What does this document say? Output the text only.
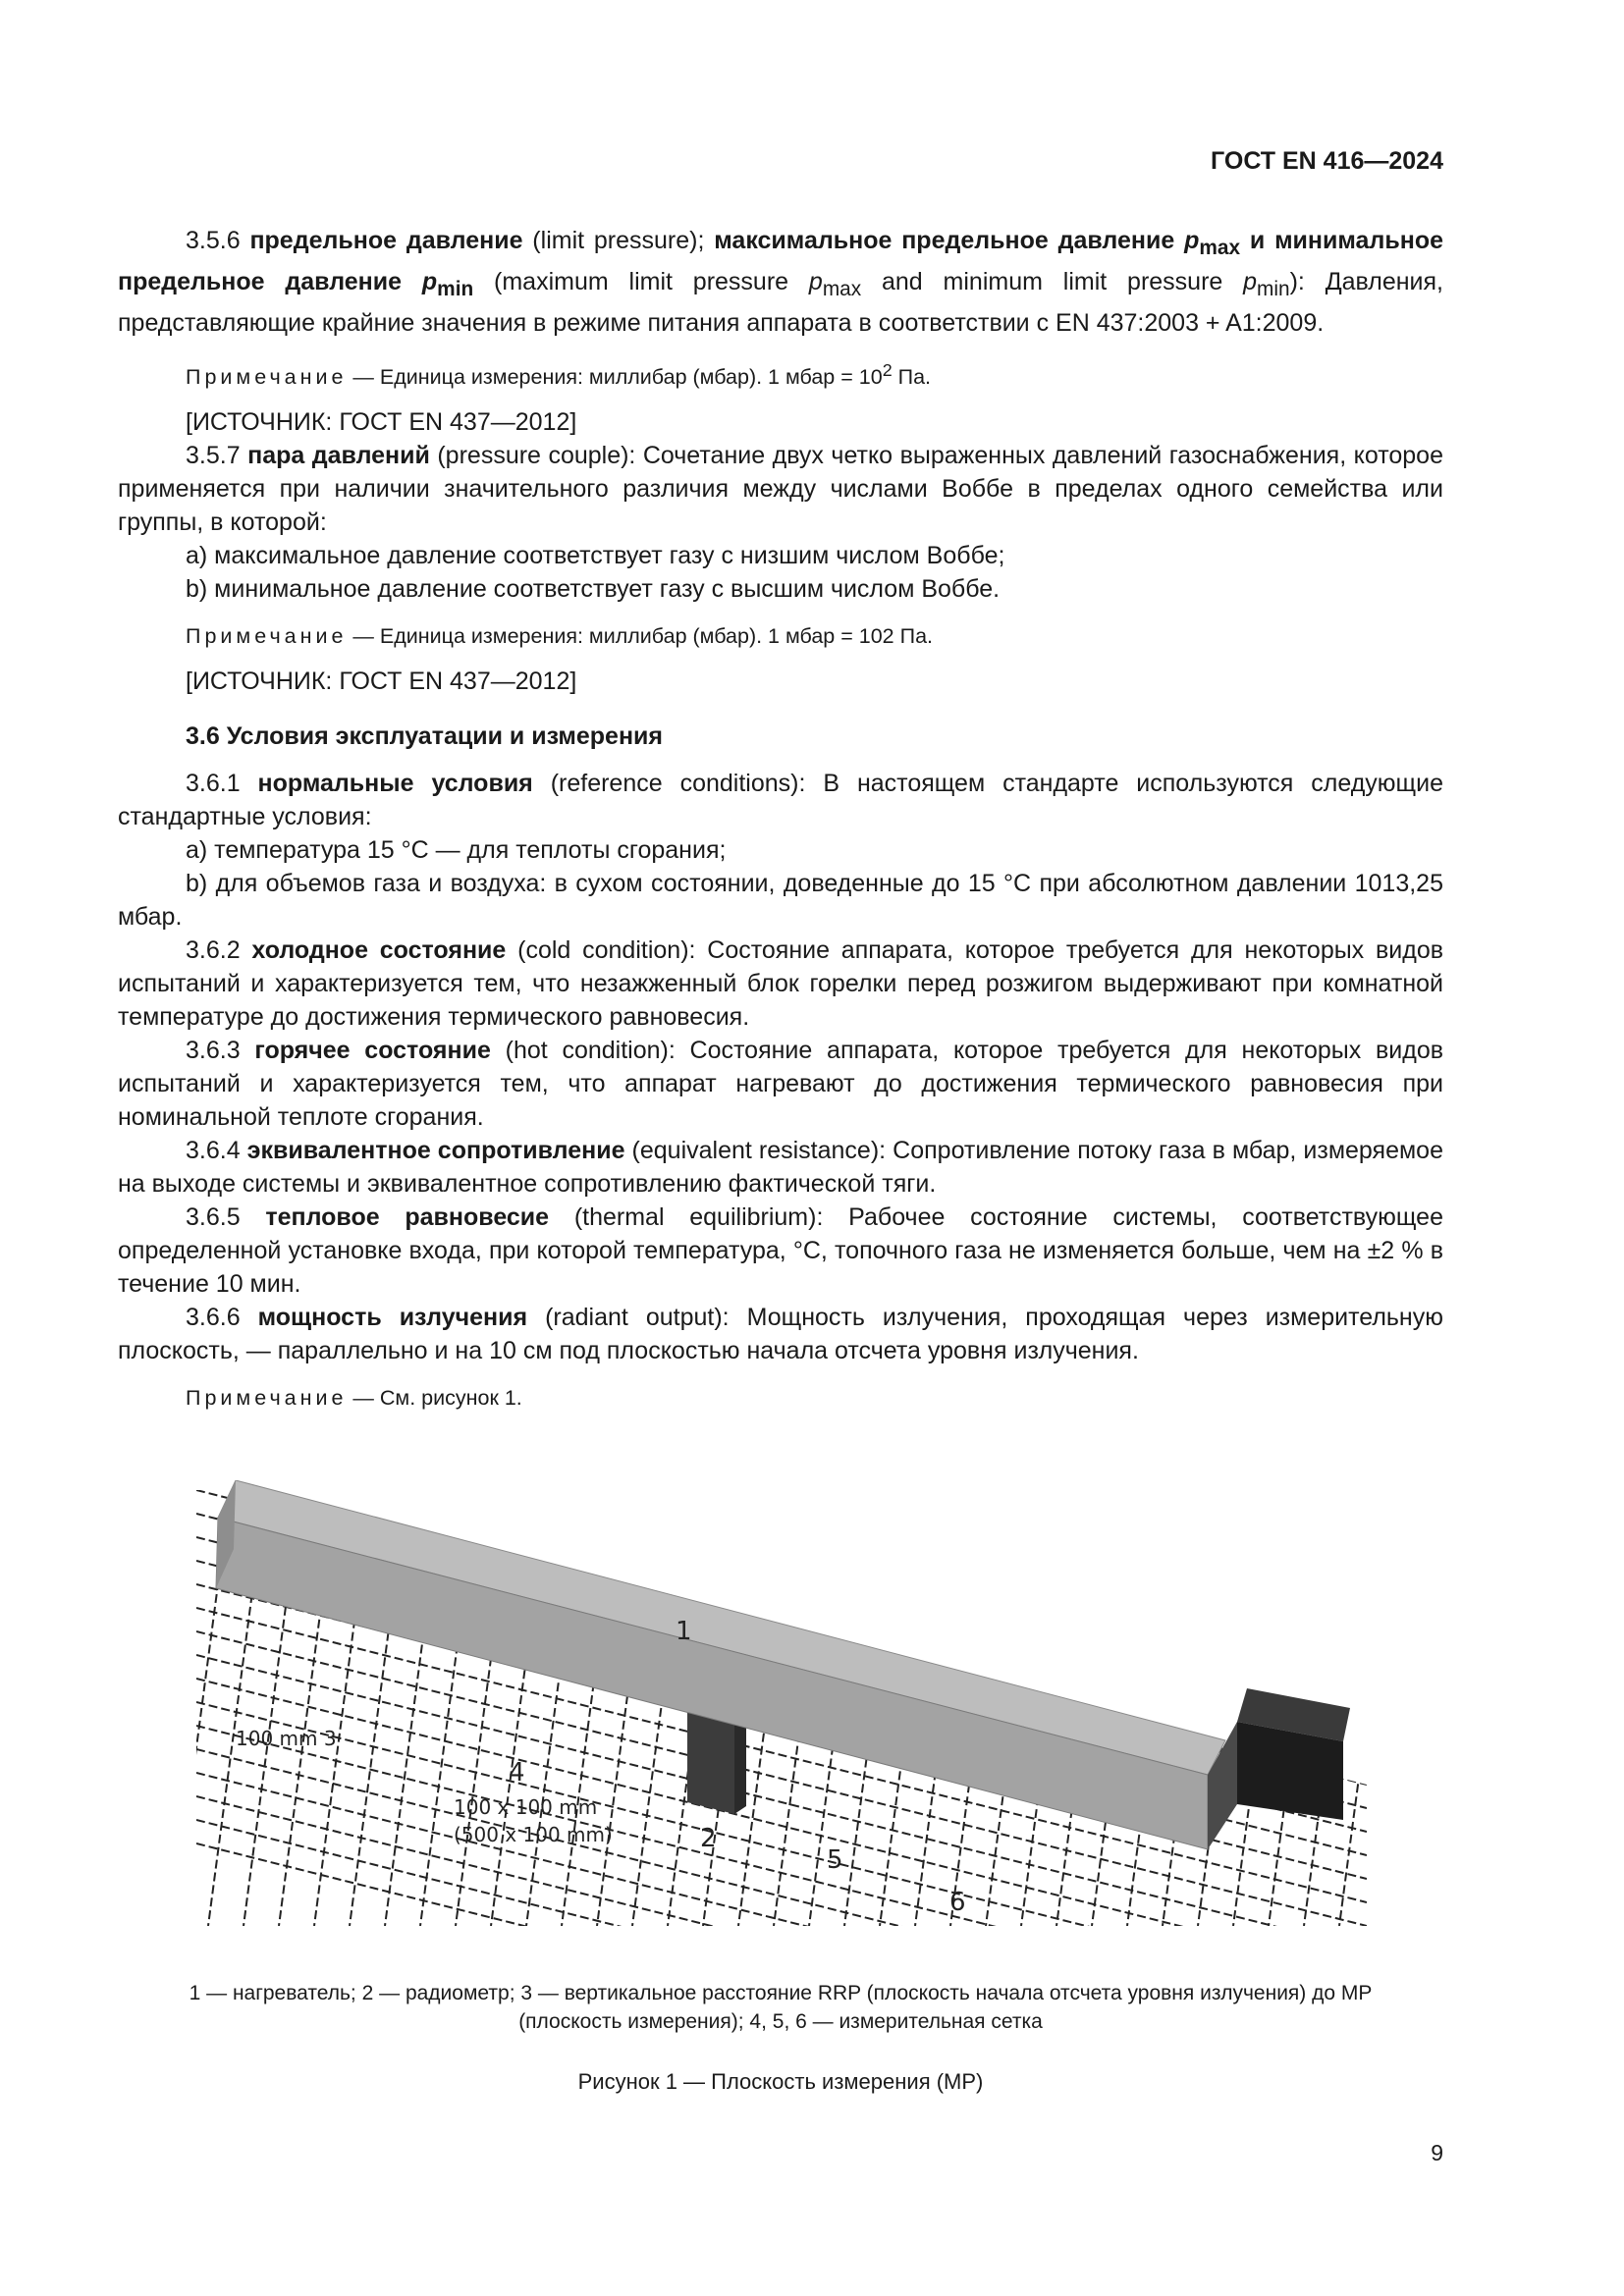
ГОСТ EN 416—2024

3.5.6 предельное давление (limit pressure); максимальное предельное давление $p_{max}$ и минимальное предельное давление $p_{min}$ (maximum limit pressure $p_{max}$ and minimum limit pressure $p_{min}$): Давления, представляющие крайние значения в режиме питания аппарата в соответствии с EN 437:2003 + A1:2009.

Примечание — Единица измерения: миллибар (мбар). 1 мбар = $10^2$ Па.

[ИСТОЧНИК: ГОСТ EN 437—2012]

3.5.7 пара давлений (pressure couple): Сочетание двух четко выраженных давлений газоснабжения, которое применяется при наличии значительного различия между числами Воббе в пределах одного семейства или группы, в которой:

a) максимальное давление соответствует газу с низшим числом Воббе;

b) минимальное давление соответствует газу с высшим числом Воббе.

Примечание — Единица измерения: миллибар (мбар). 1 мбар = 102 Па.

[ИСТОЧНИК: ГОСТ EN 437—2012]

3.6 Условия эксплуатации и измерения

3.6.1 нормальные условия (reference conditions): В настоящем стандарте используются следующие стандартные условия:

a) температура 15 °С — для теплоты сгорания;

b) для объемов газа и воздуха: в сухом состоянии, доведенные до 15 °С при абсолютном давлении 1013,25 мбар.

3.6.2 холодное состояние (cold condition): Состояние аппарата, которое требуется для некоторых видов испытаний и характеризуется тем, что незажженный блок горелки перед розжигом выдерживают при комнатной температуре до достижения термического равновесия.

3.6.3 горячее состояние (hot condition): Состояние аппарата, которое требуется для некоторых видов испытаний и характеризуется тем, что аппарат нагревают до достижения термического равновесия при номинальной теплоте сгорания.

3.6.4 эквивалентное сопротивление (equivalent resistance): Сопротивление потоку газа в мбар, измеряемое на выходе системы и эквивалентное сопротивлению фактической тяги.

3.6.5 тепловое равновесие (thermal equilibrium): Рабочее состояние системы, соответствующее определенной установке входа, при которой температура, °С, топочного газа не изменяется больше, чем на ±2 % в течение 10 мин.

3.6.6 мощность излучения (radiant output): Мощность излучения, проходящая через измерительную плоскость, — параллельно и на 10 см под плоскостью начала отсчета уровня излучения.

Примечание — См. рисунок 1.

1
100 mm 3
4
100 x 100 mm
(500 x 100 mm)	2
5
6

1 — нагреватель; 2 — радиометр; 3 — вертикальное расстояние RRP (плоскость начала отсчета уровня излучения) до MP

(плоскость измерения); 4, 5, 6 — измерительная сетка

Рисунок 1 — Плоскость измерения (MP)
9
